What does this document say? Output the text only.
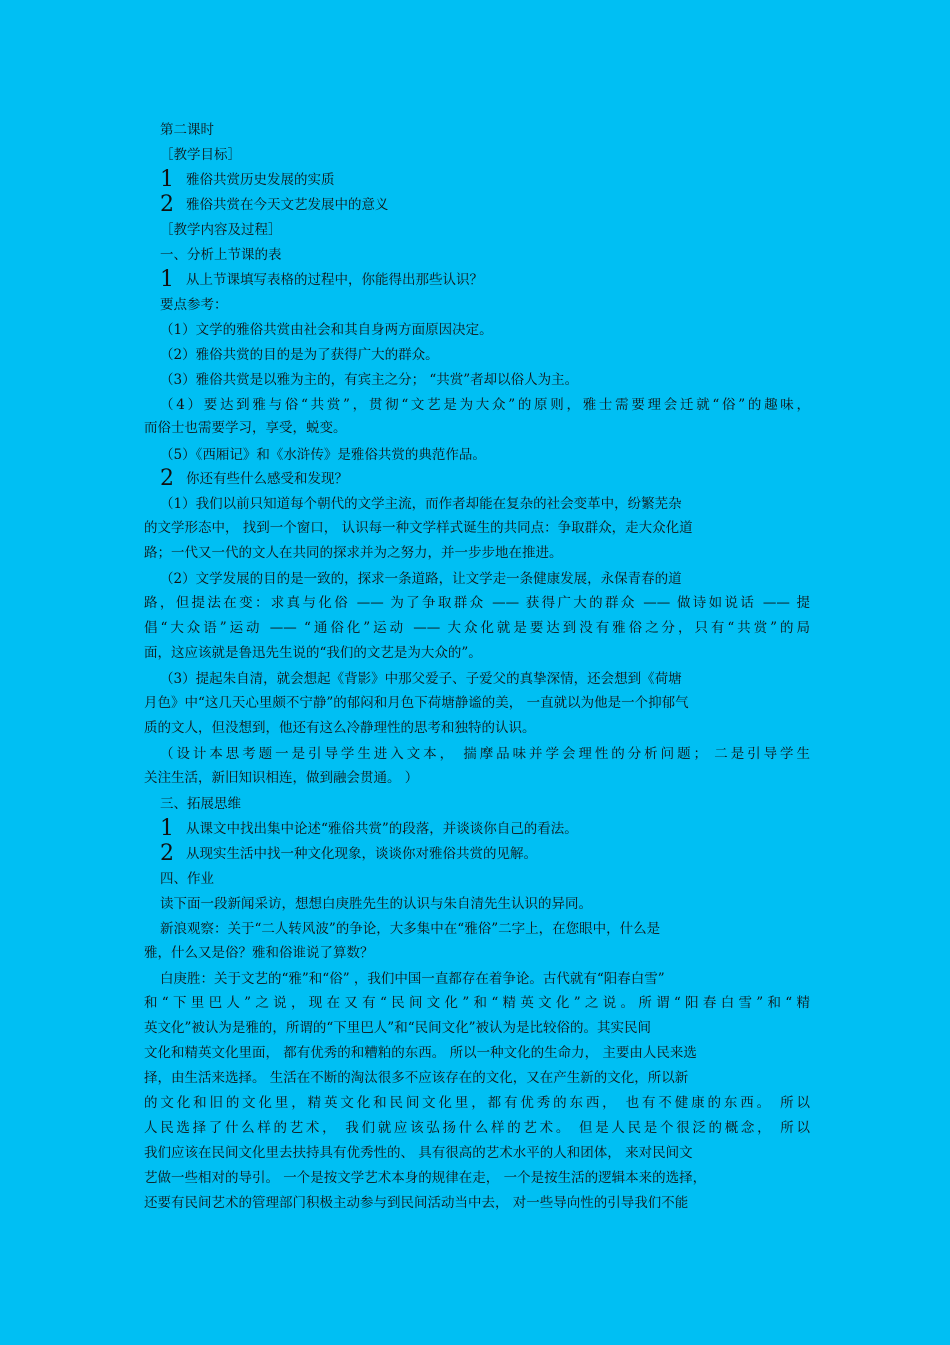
第二课时
［教学目标］
1 雅俗共赏历史发展的实质
2 雅俗共赏在今天文艺发展中的意义
［教学内容及过程］
一、分析上节课的表
1 从上节课填写表格的过程中，你能得出那些认识？
要点参考：
（1）文学的雅俗共赏由社会和其自身两方面原因决定。
（2）雅俗共赏的目的是为了获得广大的群众。
（3）雅俗共赏是以雅为主的，有宾主之分； “共赏”者却以俗人为主。
（4）要达到雅与俗“共赏”，贯彻“文艺是为大众”的原则，雅士需要理会迁就“俗”的趣味，
而俗士也需要学习，享受，蜕变。
（5）《西厢记》和《水浒传》是雅俗共赏的典范作品。
2 你还有些什么感受和发现？
（1）我们以前只知道每个朝代的文学主流，而作者却能在复杂的社会变革中，纷繁芜杂
的文学形态中， 找到一个窗口， 认识每一种文学样式诞生的共同点：争取群众，走大众化道
路；一代又一代的文人在共同的探求并为之努力，并一步步地在推进。
（2）文学发展的目的是一致的，探求一条道路，让文学走一条健康发展，永保青春的道
路，但提法在变：求真与化俗 —— 为了争取群众 —— 获得广大的群众 —— 做诗如说话 —— 提
倡“大众语”运动 —— “通俗化”运动 —— 大众化就是要达到没有雅俗之分，只有“共赏”的局
面，这应该就是鲁迅先生说的“我们的文艺是为大众的”。
（3）提起朱自清，就会想起《背影》中那父爱子、子爱父的真挚深情，还会想到《荷塘
月色》中“这几天心里颇不宁静”的郁闷和月色下荷塘静谧的美， 一直就以为他是一个抑郁气
质的文人，但没想到，他还有这么冷静理性的思考和独特的认识。
（设计本思考题一是引导学生进入文本， 揣摩品味并学会理性的分析问题； 二是引导学生
关注生活，新旧知识相连，做到融会贯通。 ）
三、拓展思维
1 从课文中找出集中论述“雅俗共赏”的段落，并谈谈你自己的看法。
2 从现实生活中找一种文化现象，谈谈你对雅俗共赏的见解。
四、作业
读下面一段新闻采访，想想白庚胜先生的认识与朱自清先生认识的异同。
新浪观察：关于“二人转风波”的争论，大多集中在“雅俗”二字上，在您眼中，什么是
雅，什么又是俗？雅和俗谁说了算数？
白庚胜：关于文艺的“雅”和“俗” ，我们中国一直都存在着争论。古代就有“阳春白雪”
和“下里巴人”之说，现在又有“民间文化”和“精英文化”之说。所谓“阳春白雪”和“精
英文化”被认为是雅的，所谓的“下里巴人”和“民间文化”被认为是比较俗的。其实民间
文化和精英文化里面， 都有优秀的和糟粕的东西。 所以一种文化的生命力， 主要由人民来选
择，由生活来选择。 生活在不断的淘汰很多不应该存在的文化，又在产生新的文化，所以新
的文化和旧的文化里，精英文化和民间文化里，都有优秀的东西， 也有不健康的东西。 所以
人民选择了什么样的艺术， 我们就应该弘扬什么样的艺术。 但是人民是个很泛的概念， 所以
我们应该在民间文化里去扶持具有优秀性的、 具有很高的艺术水平的人和团体， 来对民间文
艺做一些相对的导引。 一个是按文学艺术本身的规律在走， 一个是按生活的逻辑本来的选择，
还要有民间艺术的管理部门积极主动参与到民间活动当中去， 对一些导向性的引导我们不能
